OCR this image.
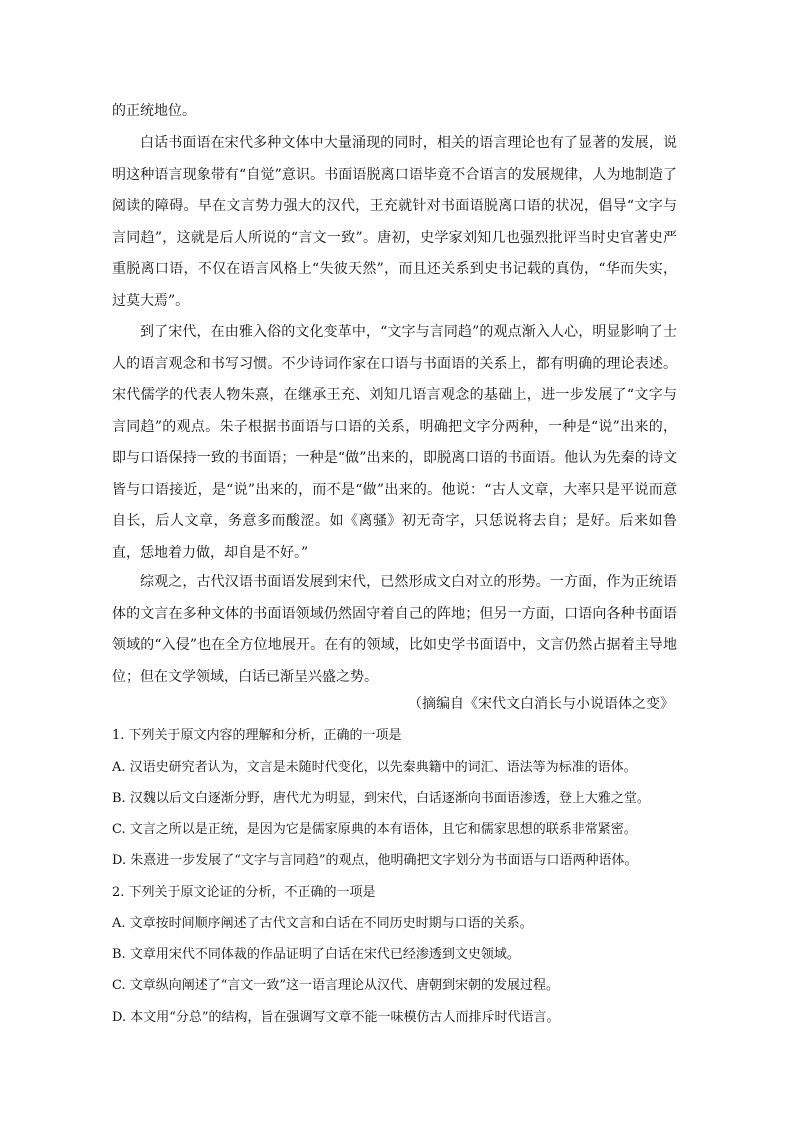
的正统地位。

白话书面语在宋代多种文体中大量涌现的同时，相关的语言理论也有了显著的发展，说明这种语言现象带有“自觉”意识。书面语脱离口语毕竟不合语言的发展规律，人为地制造了阅读的障碍。早在文言势力强大的汉代，王充就针对书面语脱离口语的状况，倡导“文字与言同趋”，这就是后人所说的“言文一致”。唐初，史学家刘知几也强烈批评当时史官著史严重脱离口语，不仅在语言风格上“失彼天然”，而且还关系到史书记载的真伪，“华而失实，过莫大焉”。

到了宋代，在由雅入俗的文化变革中，“文字与言同趋”的观点渐入人心，明显影响了士人的语言观念和书写习惯。不少诗词作家在口语与书面语的关系上，都有明确的理论表述。宋代儒学的代表人物朱熹，在继承王充、刘知几语言观念的基础上，进一步发展了“文字与言同趋”的观点。朱子根据书面语与口语的关系，明确把文字分两种，一种是“说”出来的，即与口语保持一致的书面语；一种是“做”出来的，即脱离口语的书面语。他认为先秦的诗文皆与口语接近，是“说”出来的，而不是“做”出来的。他说：“古人文章，大率只是平说而意自长，后人文章，务意多而酸涩。如《离骚》初无奇字，只恁说将去自；是好。后来如鲁直，恁地着力做，却自是不好。”

综观之，古代汉语书面语发展到宋代，已然形成文白对立的形势。一方面，作为正统语体的文言在多种文体的书面语领域仍然固守着自己的阵地；但另一方面，口语向各种书面语领域的“入侵”也在全方位地展开。在有的领域，比如史学书面语中，文言仍然占据着主导地位；但在文学领域，白话已渐呈兴盛之势。

（摘编自《宋代文白消长与小说语体之变》

1. 下列关于原文内容的理解和分析，正确的一项是

A. 汉语史研究者认为，文言是未随时代变化，以先秦典籍中的词汇、语法等为标准的语体。

B. 汉魏以后文白逐渐分野，唐代尤为明显，到宋代，白话逐渐向书面语渗透，登上大雅之堂。

C. 文言之所以是正统，是因为它是儒家原典的本有语体，且它和儒家思想的联系非常紧密。

D. 朱熹进一步发展了“文字与言同趋”的观点，他明确把文字划分为书面语与口语两种语体。

2. 下列关于原文论证的分析，不正确的一项是

A. 文章按时间顺序阐述了古代文言和白话在不同历史时期与口语的关系。

B. 文章用宋代不同体裁的作品证明了白话在宋代已经渗透到文史领域。

C. 文章纵向阐述了“言文一致”这一语言理论从汉代、唐朝到宋朝的发展过程。

D. 本文用“分总”的结构，旨在强调写文章不能一味模仿古人而排斥时代语言。
